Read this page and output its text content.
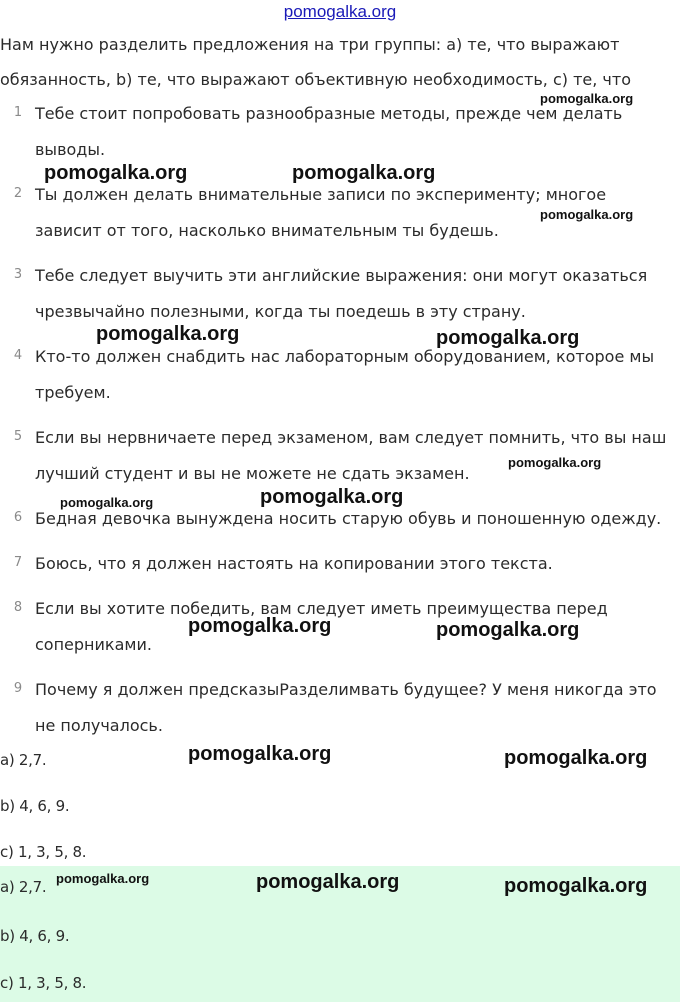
pomogalka.org
Нам нужно разделить предложения на три группы: a) те, что выражают обязанность, b) те, что выражают объективную необходимость, c) те, что
1 Тебе стоит попробовать разнообразные методы, прежде чем делать выводы.
2 Ты должен делать внимательные записи по эксперименту; многое зависит от того, насколько внимательным ты будешь.
3 Тебе следует выучить эти английские выражения: они могут оказаться чрезвычайно полезными, когда ты поедешь в эту страну.
4 Кто-то должен снабдить нас лабораторным оборудованием, которое мы требуем.
5 Если вы нервничаете перед экзаменом, вам следует помнить, что вы наш лучший студент и вы не можете не сдать экзамен.
6 Бедная девочка вынуждена носить старую обувь и поношенную одежду.
7 Боюсь, что я должен настоять на копировании этого текста.
8 Если вы хотите победить, вам следует иметь преимущества перед соперниками.
9 Почему я должен предсказыРазделимвать будущее? У меня никогда это не получалось.
a) 2,7.
b) 4, 6, 9.
c) 1, 3, 5, 8.
a) 2,7.
b) 4, 6, 9.
c) 1, 3, 5, 8.
pomogalka.org
pomogalka.org	pomogalka.org
pomogalka.org
pomogalka.org	pomogalka.org
pomogalka.org
pomogalka.org	pomogalka.org
pomogalka.org	pomogalka.org
pomogalka.org	pomogalka.org
pomogalka.org	pomogalka.org	pomogalka.org
